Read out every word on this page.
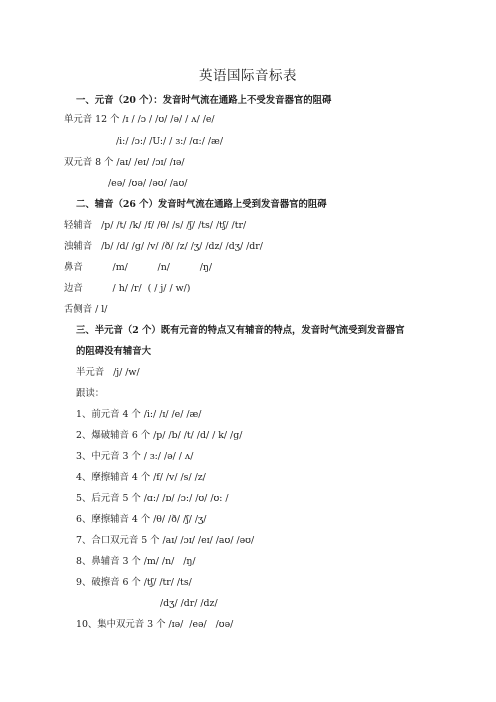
英语国际音标表
一、元音（20 个）：发音时气流在通路上不受发音器官的阻碍
单元音 12 个 /ɪ / /ɔ / /ʊ/ /ə/ / ʌ/ /e/
/i:/ /ɔ:/ /U:/ / ɜ:/ /ɑ:/ /æ/
双元音 8 个 /aɪ/ /eɪ/ /ɔɪ/ /ɪə/
/eə/ /ʊə/ /əʊ/ /aʊ/
二、辅音（26 个）发音时气流在通路上受到发音器官的阻碍
轻辅音   /p/ /t/ /k/ /f/ /θ/ /s/ /ʃ/ /ts/ /tʃ/ /tr/
浊辅音   /b/ /d/ /g/ /v/ /ð/ /z/ /ʒ/ /dz/ /dʒ/ /dr/
鼻音          /m/          /n/          /ŋ/
边音          / h/ /r/  ( / j/ / w/)
舌侧音 / l/
三、半元音（2 个）既有元音的特点又有辅音的特点，发音时气流受到发音器官
的阻碍没有辅音大
半元音   /j/ /w/
跟读：
1、前元音 4 个 /i:/ /ɪ/ /e/ /æ/
2、爆破辅音 6 个 /p/ /b/ /t/ /d/ / k/ /g/
3、中元音 3 个 / ɜ:/ /ə/ / ʌ/
4、摩擦辅音 4 个 /f/ /v/ /s/ /z/
5、后元音 5 个 /ɑ:/ /ɒ/ /ɔ:/ /ʊ/ /ʊ: /
6、摩擦辅音 4 个 /θ/ /ð/ /ʃ/ /ʒ/
7、合口双元音 5 个 /aɪ/ /ɔɪ/ /eɪ/ /aʊ/ /əʊ/
8、鼻辅音 3 个 /m/ /n/   /ŋ/
9、破擦音 6 个 /tʃ/ /tr/ /ts/
/dʒ/ /dr/ /dz/
10、集中双元音 3 个 /ɪə/  /eə/   /ʊə/
